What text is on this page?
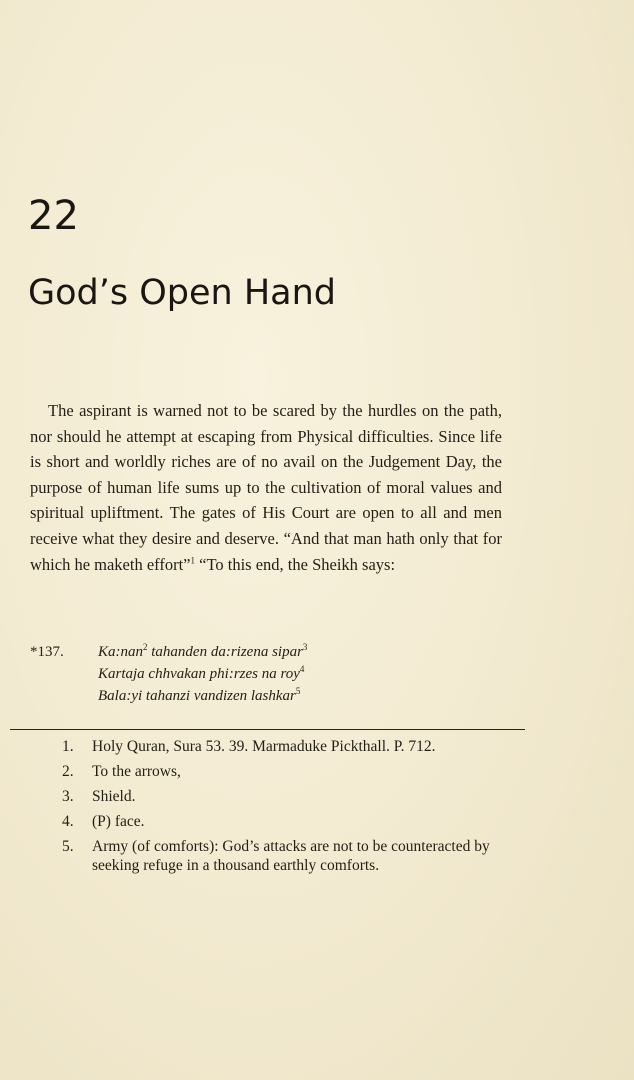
22
God’s Open Hand

The aspirant is warned not to be scared by the hurdles on the path, nor should he attempt at escaping from Physical difficulties. Since life is short and worldly riches are of no avail on the Judgement Day, the purpose of human life sums up to the cultivation of moral values and spiritual upliftment. The gates of His Court are open to all and men receive what they desire and deserve. “And that man hath only that for which he maketh effort”$^1$ “To this end, the Sheikh says:

*137.	Ka:nan$^2$ tahanden da:rizena sipar$^3$
Kartaja chhvakan phi:rzes na roy$^4$
Bala:yi tahanzi vandizen lashkar$^5$
1.	Holy Quran, Sura 53. 39. Marmaduke Pickthall. P. 712.
2.	To the arrows,
3.	Shield.
4.	(P) face.
5.	Army (of comforts): God’s attacks are not to be counteracted by seeking refuge in a thousand earthly comforts.
